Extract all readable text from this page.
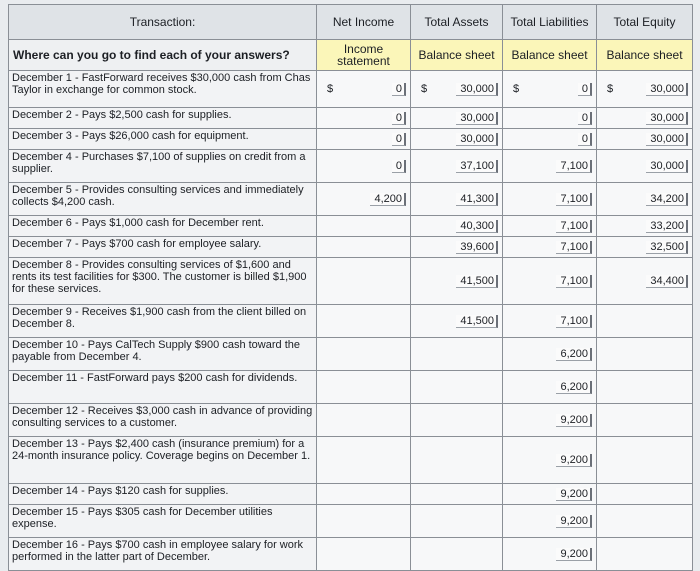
Transaction:	Net Income	Total Assets	Total Liabilities	Total Equity
Where can you go to find each of your answers?	Income statement	Balance sheet	Balance sheet	Balance sheet
December 1 - FastForward receives $30,000 cash from Chas Taylor in exchange for common stock.	$ 0	$ 30,000	$ 0	$ 30,000
December 2 - Pays $2,500 cash for supplies.	0	30,000	0	30,000
December 3 - Pays $26,000 cash for equipment.	0	30,000	0	30,000
December 4 - Purchases $7,100 of supplies on credit from a supplier.	0	37,100	7,100	30,000
December 5 - Provides consulting services and immediately collects $4,200 cash.	4,200	41,300	7,100	34,200
December 6 - Pays $1,000 cash for December rent.		40,300	7,100	33,200
December 7 - Pays $700 cash for employee salary.		39,600	7,100	32,500
December 8 - Provides consulting services of $1,600 and rents its test facilities for $300. The customer is billed $1,900 for these services.		41,500	7,100	34,400
December 9 - Receives $1,900 cash from the client billed on December 8.		41,500	7,100	
December 10 - Pays CalTech Supply $900 cash toward the payable from December 4.			6,200	
December 11 - FastForward pays $200 cash for dividends.			6,200	
December 12 - Receives $3,000 cash in advance of providing consulting services to a customer.			9,200	
December 13 - Pays $2,400 cash (insurance premium) for a 24-month insurance policy. Coverage begins on December 1.			9,200	
December 14 - Pays $120 cash for supplies.			9,200	
December 15 - Pays $305 cash for December utilities expense.			9,200	
December 16 - Pays $700 cash in employee salary for work performed in the latter part of December.			9,200	
